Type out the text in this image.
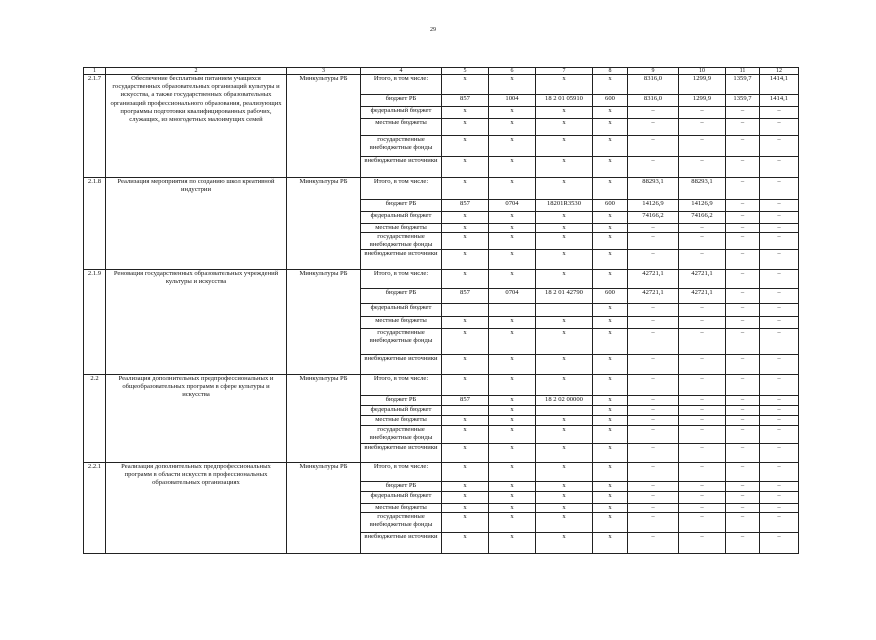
29
1	2	3	4	5	6	7	8	9	10	11	12
2.1.7	Обеспечение бесплатным питанием учащихся государственных образовательных организаций культуры и искусства, а также государственных образовательных организаций профессионального образования, реализующих программы подготовки квалифицированных рабочих, служащих, из многодетных малоимущих семей	Минкультуры РБ	Итого, в том числе:	x	x	x	x	8316,0	1299,9	1359,7	1414,1
			бюджет РБ	857	1004	18 2 01 05910	600	8316,0	1299,9	1359,7	1414,1
			федеральный бюджет	x	x	x	x	–	–	–	–
			местные бюджеты	x	x	x	x	–	–	–	–
			государственные внебюджетные фонды	x	x	x	x	–	–	–	–
			внебюджетные источники	x	x	x	x	–	–	–	–
2.1.8	Реализация мероприятия по созданию школ креативной индустрии	Минкультуры РБ	Итого, в том числе:	x	x	x	x	88293,1	88293,1	–	–
			бюджет РБ	857	0704	18201R3530	600	14126,9	14126,9	–	–
			федеральный бюджет	x	x	x	x	74166,2	74166,2	–	–
			местные бюджеты	x	x	x	x	–	–	–	–
			государственные внебюджетные фонды	x	x	x	x	–	–	–	–
			внебюджетные источники	x	x	x	x	–	–	–	–
2.1.9	Реновация государственных образовательных учреждений культуры и искусства	Минкультуры РБ	Итого, в том числе:	x	x	x	x	42721,1	42721,1	–	–
			бюджет РБ	857	0704	18 2 01 42790	600	42721,1	42721,1	–	–
			федеральный бюджет				x	–	–	–	–
			местные бюджеты	x	x	x	x	–	–	–	–
			государственные внебюджетные фонды	x	x	x	x	–	–	–	–
			внебюджетные источники	x	x	x	x	–	–	–	–
2.2	Реализация дополнительных предпрофессиональных и общеобразовательных программ в сфере культуры и искусства	Минкультуры РБ	Итого, в том числе:	x	x	x	x	–	–	–	–
			бюджет РБ	857	x	18 2 02 00000	x	–	–	–	–
			федеральный бюджет		x		x	–	–	–	–
			местные бюджеты	x	x	x	x	–	–	–	–
			государственные внебюджетные фонды	x	x	x	x	–	–	–	–
			внебюджетные источники	x	x	x	x	–	–	–	–
2.2.1	Реализация дополнительных предпрофессиональных программ в области искусств в профессиональных образовательных организациях	Минкультуры РБ	Итого, в том числе:	x	x	x	x	–	–	–	–
			бюджет РБ	x	x	x	x	–	–	–	–
			федеральный бюджет	x	x	x	x	–	–	–	–
			местные бюджеты	x	x	x	x	–	–	–	–
			государственные внебюджетные фонды	x	x	x	x	–	–	–	–
			внебюджетные источники	x	x	x	x	–	–	–	–
